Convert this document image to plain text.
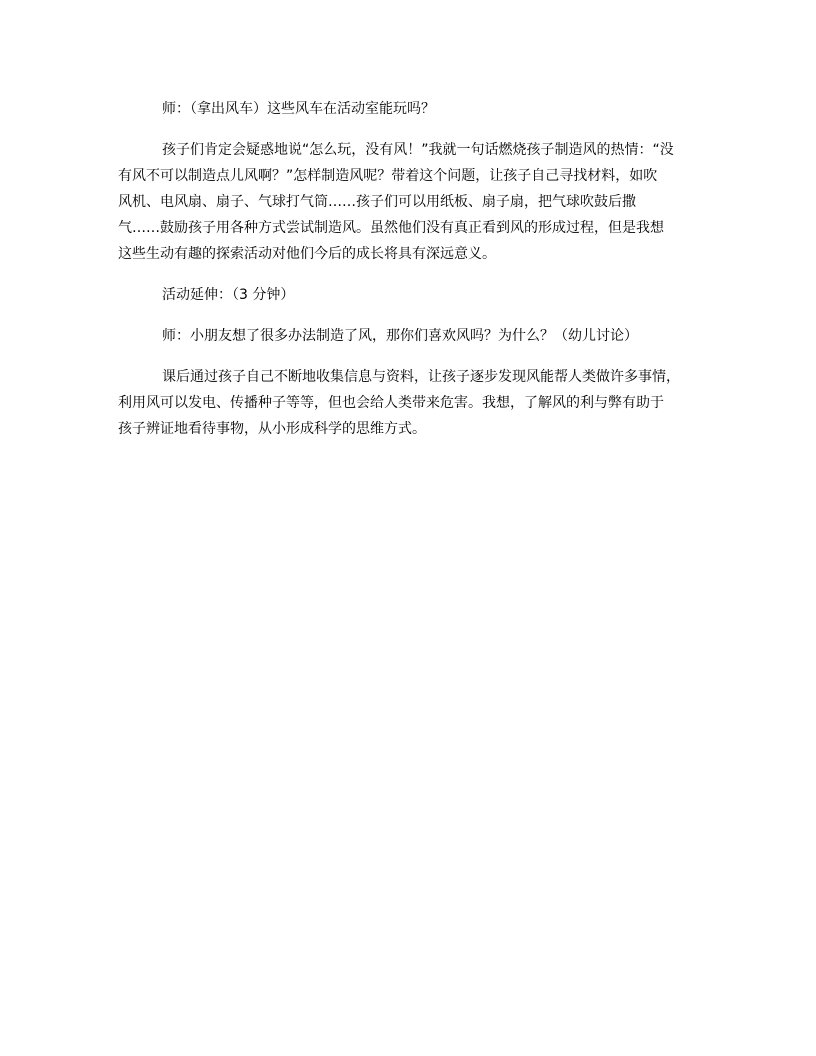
师：（拿出风车）这些风车在活动室能玩吗？
孩子们肯定会疑惑地说“怎么玩，没有风！”我就一句话燃烧孩子制造风的热情：“没
有风不可以制造点儿风啊？”怎样制造风呢？带着这个问题，让孩子自己寻找材料，如吹
风机、电风扇、扇子、气球打气筒……孩子们可以用纸板、扇子扇，把气球吹鼓后撒
气……鼓励孩子用各种方式尝试制造风。虽然他们没有真正看到风的形成过程，但是我想
这些生动有趣的探索活动对他们今后的成长将具有深远意义。
活动延伸：（3 分钟）
师：小朋友想了很多办法制造了风，那你们喜欢风吗？为什么？（幼儿讨论）
课后通过孩子自己不断地收集信息与资料，让孩子逐步发现风能帮人类做许多事情，
利用风可以发电、传播种子等等，但也会给人类带来危害。我想，了解风的利与弊有助于
孩子辨证地看待事物，从小形成科学的思维方式。
